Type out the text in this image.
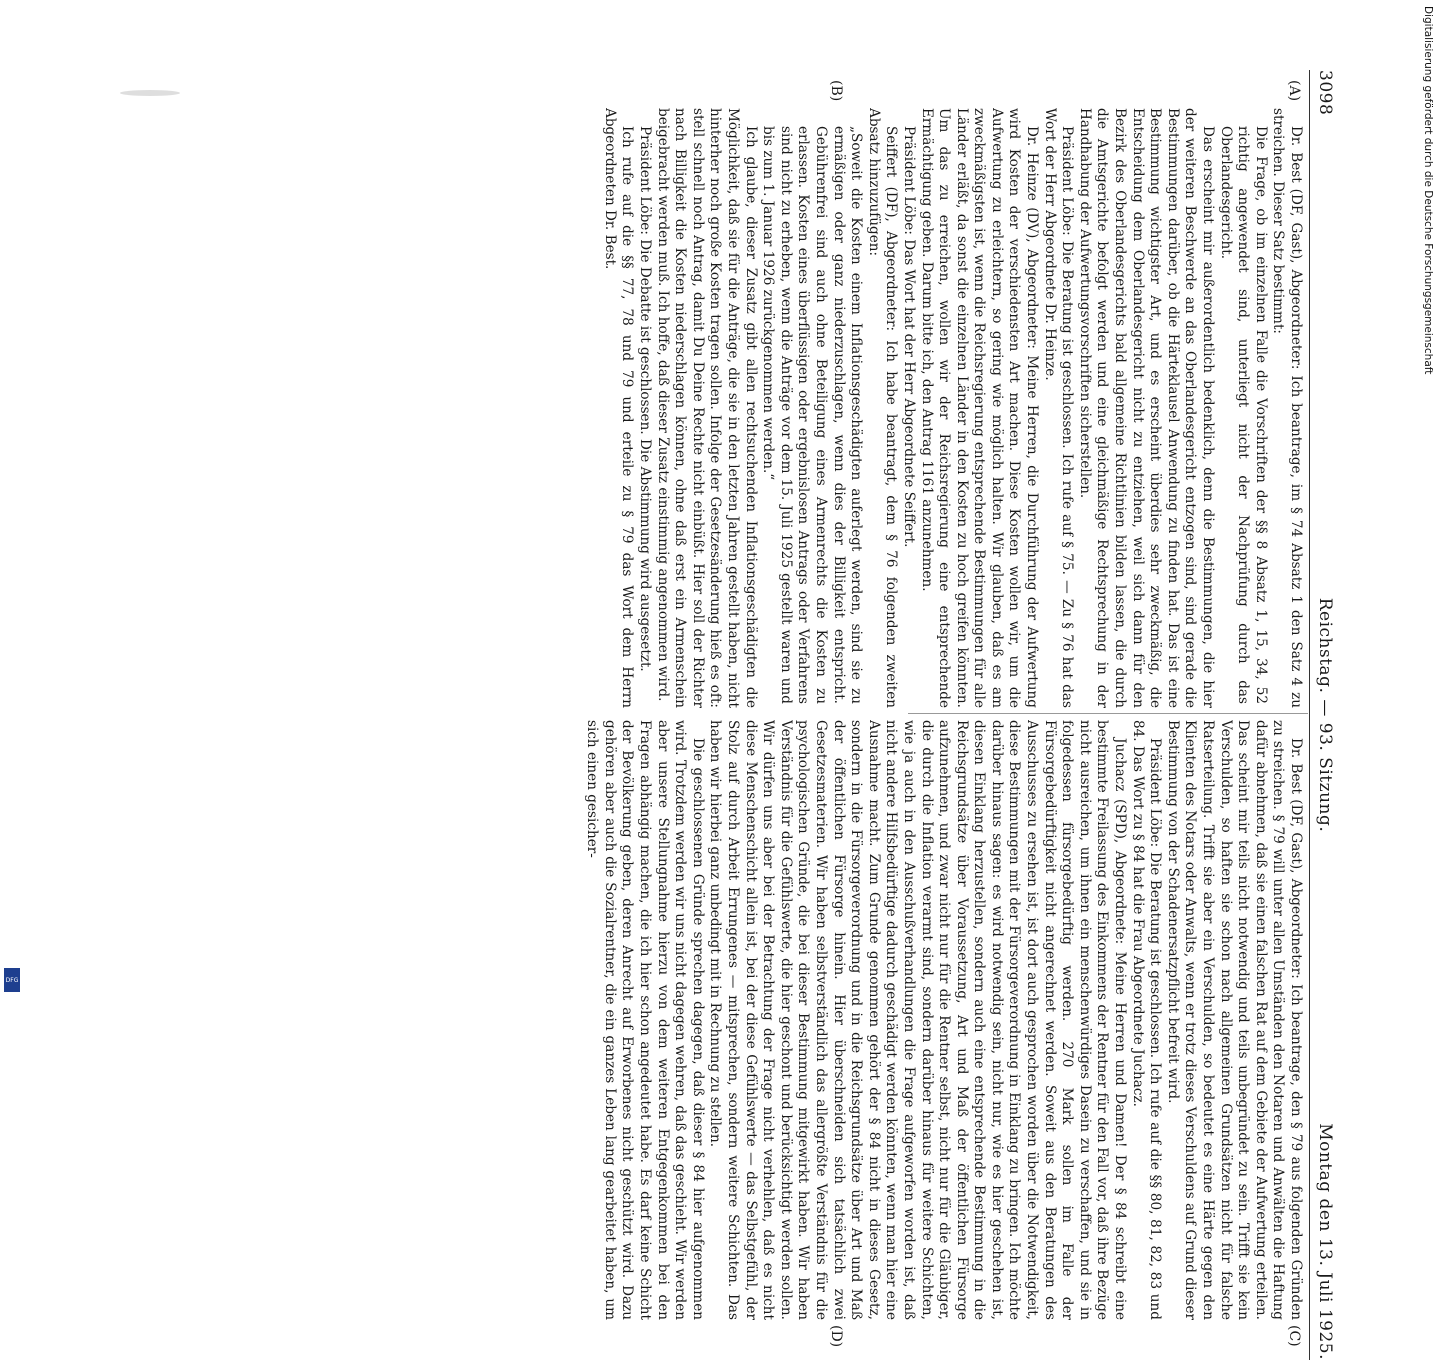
3098
Reichstag. — 93. Sitzung.
Montag den 13. Juli 1925.
(A)
(B)
(C)
(D)

Dr. Best (DF, Gast), Abgeordneter: Ich beantrage, im § 74 Absatz 1 den Satz 4 zu streichen. Dieser Satz bestimmt:

Die Frage, ob im einzelnen Falle die Vorschriften der §§ 8 Absatz 1, 15, 34, 52 richtig angewendet sind, unterliegt nicht der Nachprüfung durch das Oberlandesgericht.

Das erscheint mir außerordentlich bedenklich, denn die Bestimmungen, die hier der weiteren Beschwerde an das Oberlandesgericht entzogen sind, sind gerade die Bestimmungen darüber, ob die Härteklausel Anwendung zu finden hat. Das ist eine Bestimmung wichtigster Art, und es erscheint überdies sehr zweckmäßig, die Entscheidung dem Oberlandesgericht nicht zu entziehen, weil sich dann für den Bezirk des Oberlandesgerichts bald allgemeine Richtlinien bilden lassen, die durch die Amtsgerichte befolgt werden und eine gleichmäßige Rechtsprechung in der Handhabung der Aufwertungsvorschriften sicherstellen.

Präsident Löbe: Die Beratung ist geschlossen. Ich rufe auf § 75. — Zu § 76 hat das Wort der Herr Abgeordnete Dr. Heinze.

Dr. Heinze (DV), Abgeordneter: Meine Herren, die Durchführung der Aufwertung wird Kosten der verschiedensten Art machen. Diese Kosten wollen wir, um die Aufwertung zu erleichtern, so gering wie möglich halten. Wir glauben, daß es am zweckmäßigsten ist, wenn die Reichsregierung entsprechende Bestimmungen für alle Länder erläßt, da sonst die einzelnen Länder in den Kosten zu hoch greifen könnten. Um das zu erreichen, wollen wir der Reichsregierung eine entsprechende Ermächtigung geben. Darum bitte ich, den Antrag 1161 anzunehmen.

Präsident Löbe: Das Wort hat der Herr Abgeordnete Seiffert.

Seiffert (DF), Abgeordneter: Ich habe beantragt, dem § 76 folgenden zweiten Absatz hinzuzufügen:

„Soweit die Kosten einem Inflationsgeschädigten auferlegt werden, sind sie zu ermäßigen oder ganz niederzuschlagen, wenn dies der Billigkeit entspricht. Gebührenfrei sind auch ohne Beteiligung eines Armenrechts die Kosten zu erlassen. Kosten eines überflüssigen oder ergebnislosen Antrags oder Verfahrens sind nicht zu erheben, wenn die Anträge vor dem 15. Juli 1925 gestellt waren und bis zum 1. Januar 1926 zurückgenommen werden.“

Ich glaube, dieser Zusatz gibt allen rechtsuchenden Inflationsgeschädigten die Möglichkeit, daß sie für die Anträge, die sie in den letzten Jahren gestellt haben, nicht hinterher noch große Kosten tragen sollen. Infolge der Gesetzesänderung hieß es oft: stell schnell noch Antrag, damit Du Deine Rechte nicht einbüßt. Hier soll der Richter nach Billigkeit die Kosten niederschlagen können, ohne daß erst ein Armenschein beigebracht werden muß. Ich hoffe, daß dieser Zusatz einstimmig angenommen wird.

Präsident Löbe: Die Debatte ist geschlossen. Die Abstimmung wird ausgesetzt.

Ich rufe auf die §§ 77, 78 und 79 und erteile zu § 79 das Wort dem Herrn Abgeordneten Dr. Best.

Dr. Best (DF, Gast), Abgeordneter: Ich beantrage, den § 79 aus folgenden Gründen zu streichen. § 79 will unter allen Umständen den Notaren und Anwälten die Haftung dafür abnehmen, daß sie einen falschen Rat auf dem Gebiete der Aufwertung erteilen. Das scheint mir teils nicht notwendig und teils unbegründet zu sein. Trifft sie kein Verschulden, so haften sie schon nach allgemeinen Grundsätzen nicht für falsche Ratserteilung. Trifft sie aber ein Verschulden, so bedeutet es eine Härte gegen den Klienten des Notars oder Anwalts, wenn er trotz dieses Verschuldens auf Grund dieser Bestimmung von der Schadenersatzpflicht befreit wird.

Präsident Löbe: Die Beratung ist geschlossen. Ich rufe auf die §§ 80, 81, 82, 83 und 84. Das Wort zu § 84 hat die Frau Abgeordnete Juchacz.

Juchacz (SPD), Abgeordnete: Meine Herren und Damen! Der § 84 schreibt eine bestimmte Freilassung des Einkommens der Rentner für den Fall vor, daß ihre Bezüge nicht ausreichen, um ihnen ein menschenwürdiges Dasein zu verschaffen, und sie in folgedessen fürsorgebedürftig werden. 270 Mark sollen im Falle der Fürsorgebedürftigkeit nicht angerechnet werden. Soweit aus den Beratungen des Ausschusses zu ersehen ist, ist dort auch gesprochen worden über die Notwendigkeit, diese Bestimmungen mit der Fürsorgeverordnung in Einklang zu bringen. Ich möchte darüber hinaus sagen: es wird notwendig sein, nicht nur, wie es hier geschehen ist, diesen Einklang herzustellen, sondern auch eine entsprechende Bestimmung in die Reichsgrundsätze über Voraussetzung, Art und Maß der öffentlichen Fürsorge aufzunehmen, und zwar nicht nur für die Rentner selbst, nicht nur für die Gläubiger, die durch die Inflation verarmt sind, sondern darüber hinaus für weitere Schichten, wie ja auch in den Ausschußverhandlungen die Frage aufgeworfen worden ist, daß nicht andere Hilfsbedürftige dadurch geschädigt werden könnten, wenn man hier eine Ausnahme macht. Zum Grunde genommen gehört der § 84 nicht in dieses Gesetz, sondern in die Fürsorgeverordnung und in die Reichsgrundsätze über Art und Maß der öffentlichen Fürsorge hinein. Hier überschneiden sich tatsächlich zwei Gesetzesmaterien. Wir haben selbstverständlich das allergrößte Verständnis für die psychologischen Gründe, die bei dieser Bestimmung mitgewirkt haben. Wir haben Verständnis für die Gefühlswerte, die hier geschont und berücksichtigt werden sollen. Wir dürfen uns aber bei der Betrachtung der Frage nicht verhehlen, daß es nicht diese Menschenschicht allein ist, bei der diese Gefühlswerte — das Selbstgefühl, der Stolz auf durch Arbeit Errungenes — mitsprechen, sondern weitere Schichten. Das haben wir hierbei ganz unbedingt mit in Rechnung zu stellen.

Die geschlossenen Gründe sprechen dagegen, daß dieser § 84 hier aufgenommen wird. Trotzdem werden wir uns nicht dagegen wehren, daß das geschieht. Wir werden aber unsere Stellungnahme hierzu von dem weiteren Entgegenkommen bei den Fragen abhängig machen, die ich hier schon angedeutet habe. Es darf keine Schicht der Bevölkerung geben, deren Anrecht auf Erworbenes nicht geschützt wird. Dazu gehören aber auch die Sozialrentner, die ein ganzes Leben lang gearbeitet haben, um sich einen gesicher-

Digitalisierung gefördert durch die Deutsche Forschungsgemeinschaft
DFG
